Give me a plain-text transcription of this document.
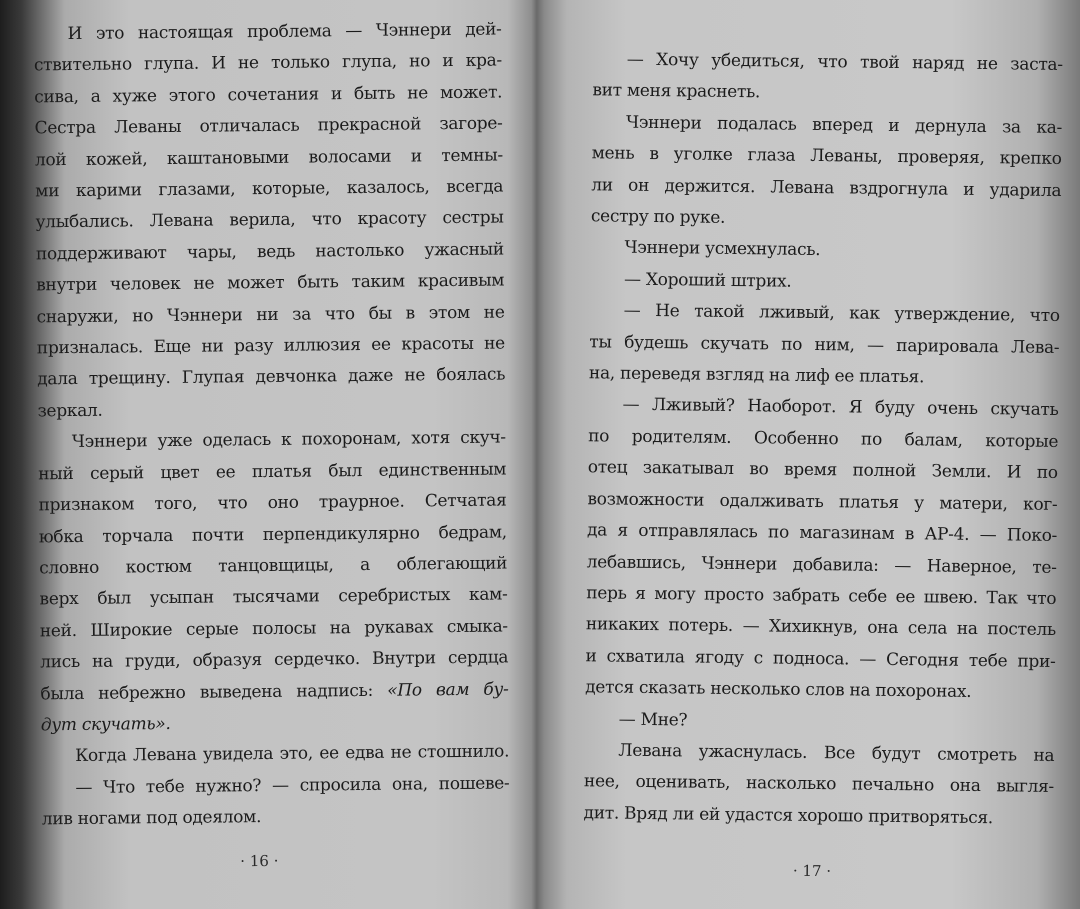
И это настоящая проблема — Чэннери дей-
ствительно глупа. И не только глупа, но и кра-
сива, а хуже этого сочетания и быть не может.
Сестра Леваны отличалась прекрасной загоре-
лой кожей, каштановыми волосами и темны-
ми карими глазами, которые, казалось, всегда
улыбались. Левана верила, что красоту сестры
поддерживают чары, ведь настолько ужасный
внутри человек не может быть таким красивым
снаружи, но Чэннери ни за что бы в этом не
призналась. Еще ни разу иллюзия ее красоты не
дала трещину. Глупая девчонка даже не боялась
зеркал.
Чэннери уже оделась к похоронам, хотя скуч-
ный серый цвет ее платья был единственным
признаком того, что оно траурное. Сетчатая
юбка торчала почти перпендикулярно бедрам,
словно костюм танцовщицы, а облегающий
верх был усыпан тысячами серебристых кам-
ней. Широкие серые полосы на рукавах смыка-
лись на груди, образуя сердечко. Внутри сердца
была небрежно выведена надпись: «По вам бу-
дут скучать».
Когда Левана увидела это, ее едва не стошнило.
— Что тебе нужно? — спросила она, пошеве-
лив ногами под одеялом.
· 16 ·
— Хочу убедиться, что твой наряд не заста-
вит меня краснеть.
Чэннери подалась вперед и дернула за ка-
мень в уголке глаза Леваны, проверяя, крепко
ли он держится. Левана вздрогнула и ударила
сестру по руке.
Чэннери усмехнулась.
— Хороший штрих.
— Не такой лживый, как утверждение, что
ты будешь скучать по ним, — парировала Лева-
на, переведя взгляд на лиф ее платья.
— Лживый? Наоборот. Я буду очень скучать
по родителям. Особенно по балам, которые
отец закатывал во время полной Земли. И по
возможности одалживать платья у матери, ког-
да я отправлялась по магазинам в АР-4. — Поко-
лебавшись, Чэннери добавила: — Наверное, те-
перь я могу просто забрать себе ее швею. Так что
никаких потерь. — Хихикнув, она села на постель
и схватила ягоду с подноса. — Сегодня тебе при-
дется сказать несколько слов на похоронах.
— Мне?
Левана ужаснулась. Все будут смотреть на
нее, оценивать, насколько печально она выгля-
дит. Вряд ли ей удастся хорошо притворяться.
· 17 ·
